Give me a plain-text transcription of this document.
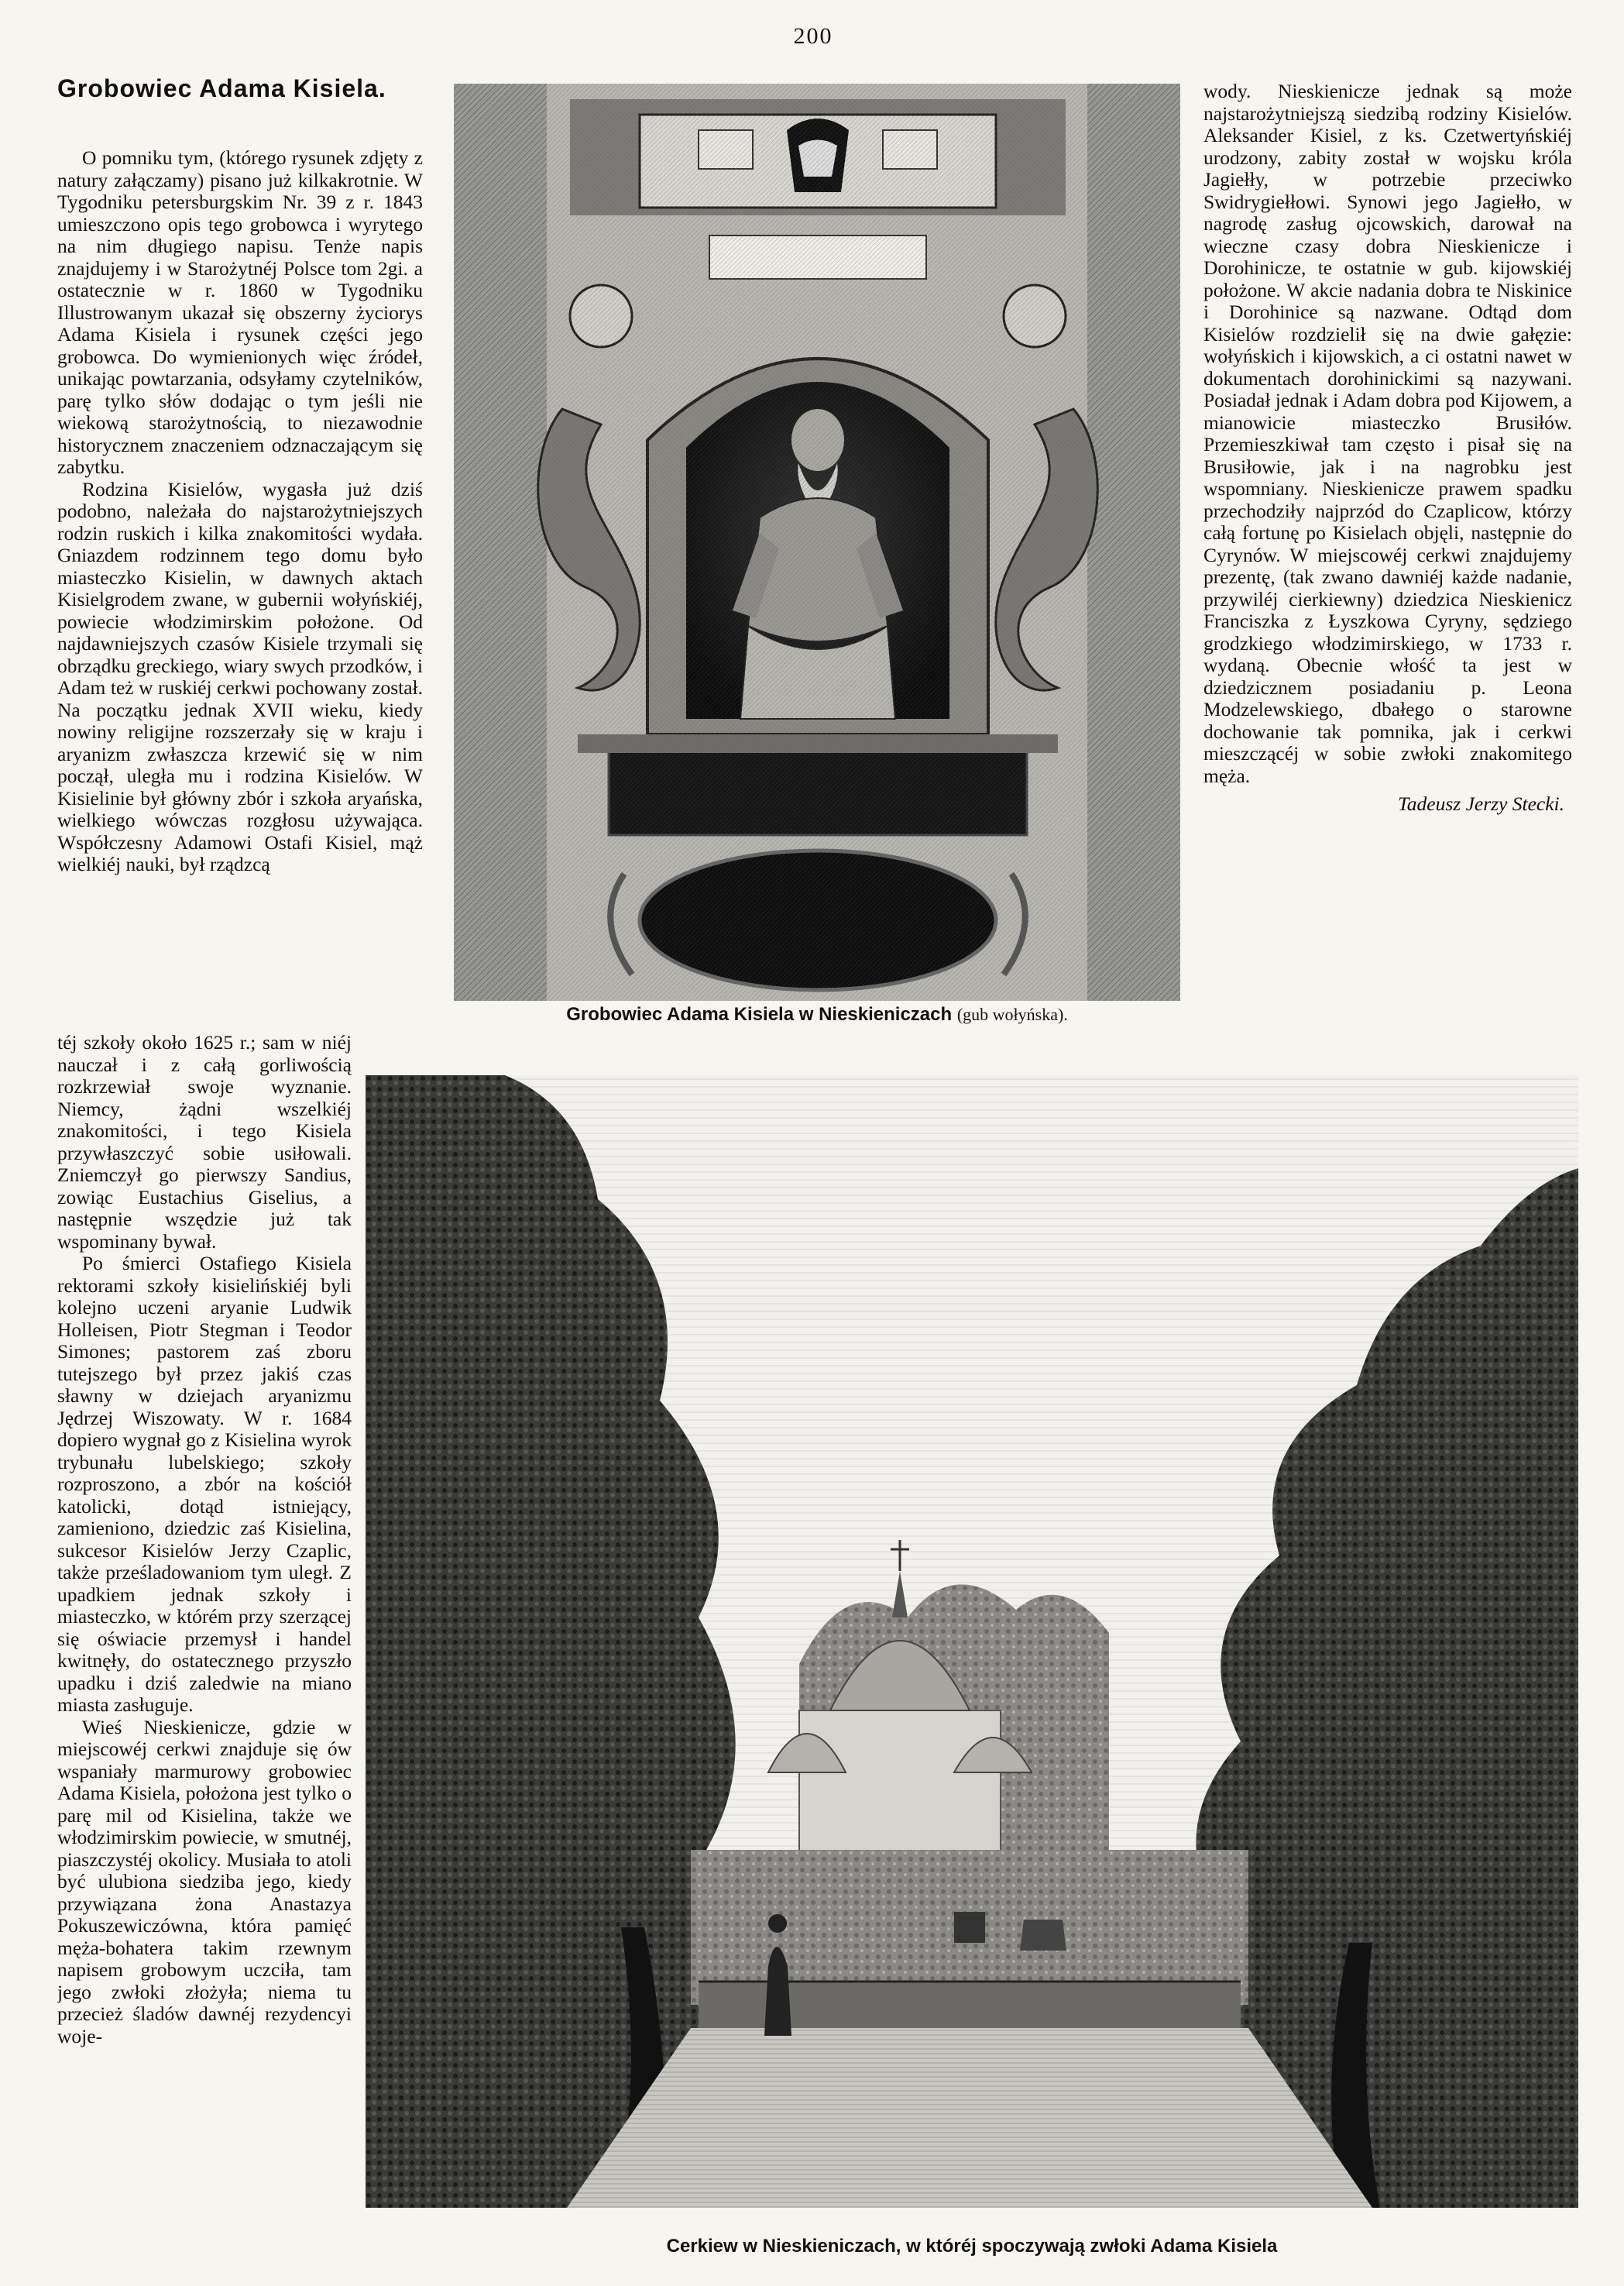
200
Grobowiec Adama Kisiela.

O pomniku tym, (którego rysunek zdjęty z natury załączamy) pisano już kilkakrotnie. W Tygodniku petersburgskim Nr. 39 z r. 1843 umieszczono opis tego grobowca i wyrytego na nim długiego napisu. Tenże napis znajdujemy i w Starożytnéj Polsce tom 2gi. a ostatecznie w r. 1860 w Tygodniku Illustrowanym ukazał się obszerny życiorys Adama Kisiela i rysunek części jego grobowca. Do wymienionych więc źródeł, unikając powtarzania, odsyłamy czytelników, parę tylko słów dodając o tym jeśli nie wiekową starożytnością, to niezawodnie historycznem znaczeniem odznaczającym się zabytku.

Rodzina Kisielów, wygasła już dziś podobno, należała do najstarożytniejszych rodzin ruskich i kilka znakomitości wydała. Gniazdem rodzinnem tego domu było miasteczko Kisielin, w dawnych aktach Kisielgrodem zwane, w gubernii wołyńskiéj, powiecie włodzimirskim położone. Od najdawniejszych czasów Kisiele trzymali się obrządku greckiego, wiary swych przodków, i Adam też w ruskiéj cerkwi pochowany został. Na początku jednak XVII wieku, kiedy nowiny religijne rozszerzały się w kraju i aryanizm zwłaszcza krzewić się w nim począł, uległa mu i rodzina Kisielów. W Kisielinie był główny zbór i szkoła aryańska, wielkiego wówczas rozgłosu używająca. Współczesny Adamowi Ostafi Kisiel, mąż wielkiéj nauki, był rządzcą

téj szkoły około 1625 r.; sam w niéj nauczał i z całą gorliwością rozkrzewiał swoje wyznanie. Niemcy, żądni wszelkiéj znakomitości, i tego Kisiela przywłaszczyć sobie usiłowali. Zniemczył go pierwszy Sandius, zowiąc Eustachius Giselius, a następnie wszędzie już tak wspominany bywał.

Po śmierci Ostafiego Kisiela rektorami szkoły kisielińskiéj byli kolejno uczeni aryanie Ludwik Holleisen, Piotr Stegman i Teodor Simones; pastorem zaś zboru tutejszego był przez jakiś czas sławny w dziejach aryanizmu Jędrzej Wiszowaty. W r. 1684 dopiero wygnał go z Kisielina wyrok trybunału lubelskiego; szkoły rozproszono, a zbór na kościół katolicki, dotąd istniejący, zamieniono, dziedzic zaś Kisielina, sukcesor Kisielów Jerzy Czaplic, także prześladowaniom tym uległ. Z upadkiem jednak szkoły i miasteczko, w którém przy szerzącej się oświacie przemysł i handel kwitnęły, do ostatecznego przyszło upadku i dziś zaledwie na miano miasta zasługuje.

Wieś Nieskienicze, gdzie w miejscowéj cerkwi znajduje się ów wspaniały marmurowy grobowiec Adama Kisiela, położona jest tylko o parę mil od Kisielina, także we włodzimirskim powiecie, w smutnéj, piaszczystéj okolicy. Musiała to atoli być ulubiona siedziba jego, kiedy przywiązana żona Anastazya Pokuszewiczówna, która pamięć męża-bohatera takim rzewnym napisem grobowym uczciła, tam jego zwłoki złożyła; niema tu przecież śladów dawnéj rezydencyi woje-

wody. Nieskienicze jednak są może najstarożytniejszą siedzibą rodziny Kisielów. Aleksander Kisiel, z ks. Czetwertyńskiéj urodzony, zabity został w wojsku króla Jagiełły, w potrzebie przeciwko Swidrygiełłowi. Synowi jego Jagiełło, w nagrodę zasług ojcowskich, darował na wieczne czasy dobra Nieskienicze i Dorohinicze, te ostatnie w gub. kijowskiéj położone. W akcie nadania dobra te Niskinice i Dorohinice są nazwane. Odtąd dom Kisielów rozdzielił się na dwie gałęzie: wołyńskich i kijowskich, a ci ostatni nawet w dokumentach dorohinickimi są nazywani. Posiadał jednak i Adam dobra pod Kijowem, a mianowicie miasteczko Brusiłów. Przemieszkiwał tam często i pisał się na Brusiłowie, jak i na nagrobku jest wspomniany. Nieskienicze prawem spadku przechodziły najprzód do Czaplicow, którzy całą fortunę po Kisielach objęli, następnie do Cyrynów. W miejscowéj cerkwi znajdujemy prezentę, (tak zwano dawniéj każde nadanie, przywiléj cierkiewny) dziedzica Nieskienicz Franciszka z Łyszkowa Cyryny, sędziego grodzkiego włodzimirskiego, w 1733 r. wydaną. Obecnie włość ta jest w dziedzicznem posiadaniu p. Leona Modzelewskiego, dbałego o starowne dochowanie tak pomnika, jak i cerkwi mieszczącéj w sobie zwłoki znakomitego męża.

Tadeusz Jerzy Stecki.
Grobowiec Adama Kisiela w Nieskieniczach (gub wołyńska).
Cerkiew w Nieskieniczach, w któréj spoczywają zwłoki Adama Kisiela
